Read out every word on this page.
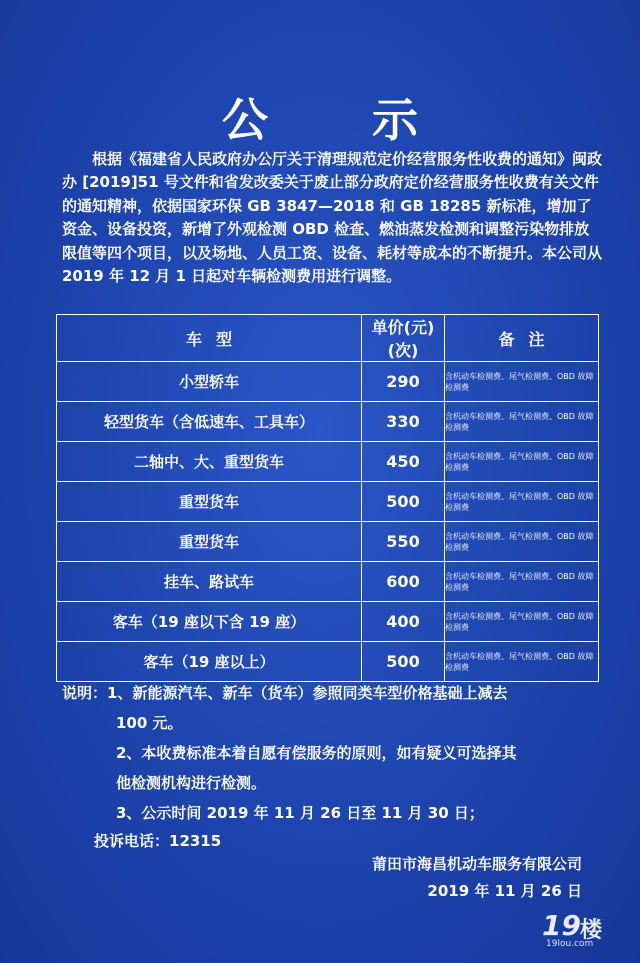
公 示
根据《福建省人民政府办公厅关于清理规范定价经营服务性收费的通知》闽政办 [2019]51 号文件和省发改委关于废止部分政府定价经营服务性收费有关文件的通知精神，依据国家环保 GB 3847—2018 和 GB 18285 新标准，增加了资金、设备投资，新增了外观检测 OBD 检查、燃油蒸发检测和调整污染物排放限值等四个项目，以及场地、人员工资、设备、耗材等成本的不断提升。本公司从 2019 年 12 月 1 日起对车辆检测费用进行调整。
车型	单价(元)(次)	备注
小型轿车	290	含机动车检测费、尾气检测费、OBD 故障检测费
轻型货车（含低速车、工具车）	330	含机动车检测费、尾气检测费、OBD 故障检测费
二轴中、大、重型货车	450	含机动车检测费、尾气检测费、OBD 故障检测费
重型货车	500	含机动车检测费、尾气检测费、OBD 故障检测费
重型货车	550	含机动车检测费、尾气检测费、OBD 故障检测费
挂车、路试车	600	含机动车检测费、尾气检测费、OBD 故障检测费
客车（19 座以下含 19 座）	400	含机动车检测费、尾气检测费、OBD 故障检测费
客车（19 座以上）	500	含机动车检测费、尾气检测费、OBD 故障检测费
说明：1、新能源汽车、新车（货车）参照同类车型价格基础上减去
100 元。
2、本收费标准本着自愿有偿服务的原则，如有疑义可选择其
他检测机构进行检测。
3、公示时间 2019 年 11 月 26 日至 11 月 30 日；
投诉电话：12315
莆田市海昌机动车服务有限公司
2019 年 11 月 26 日
19 楼
19lou.com
